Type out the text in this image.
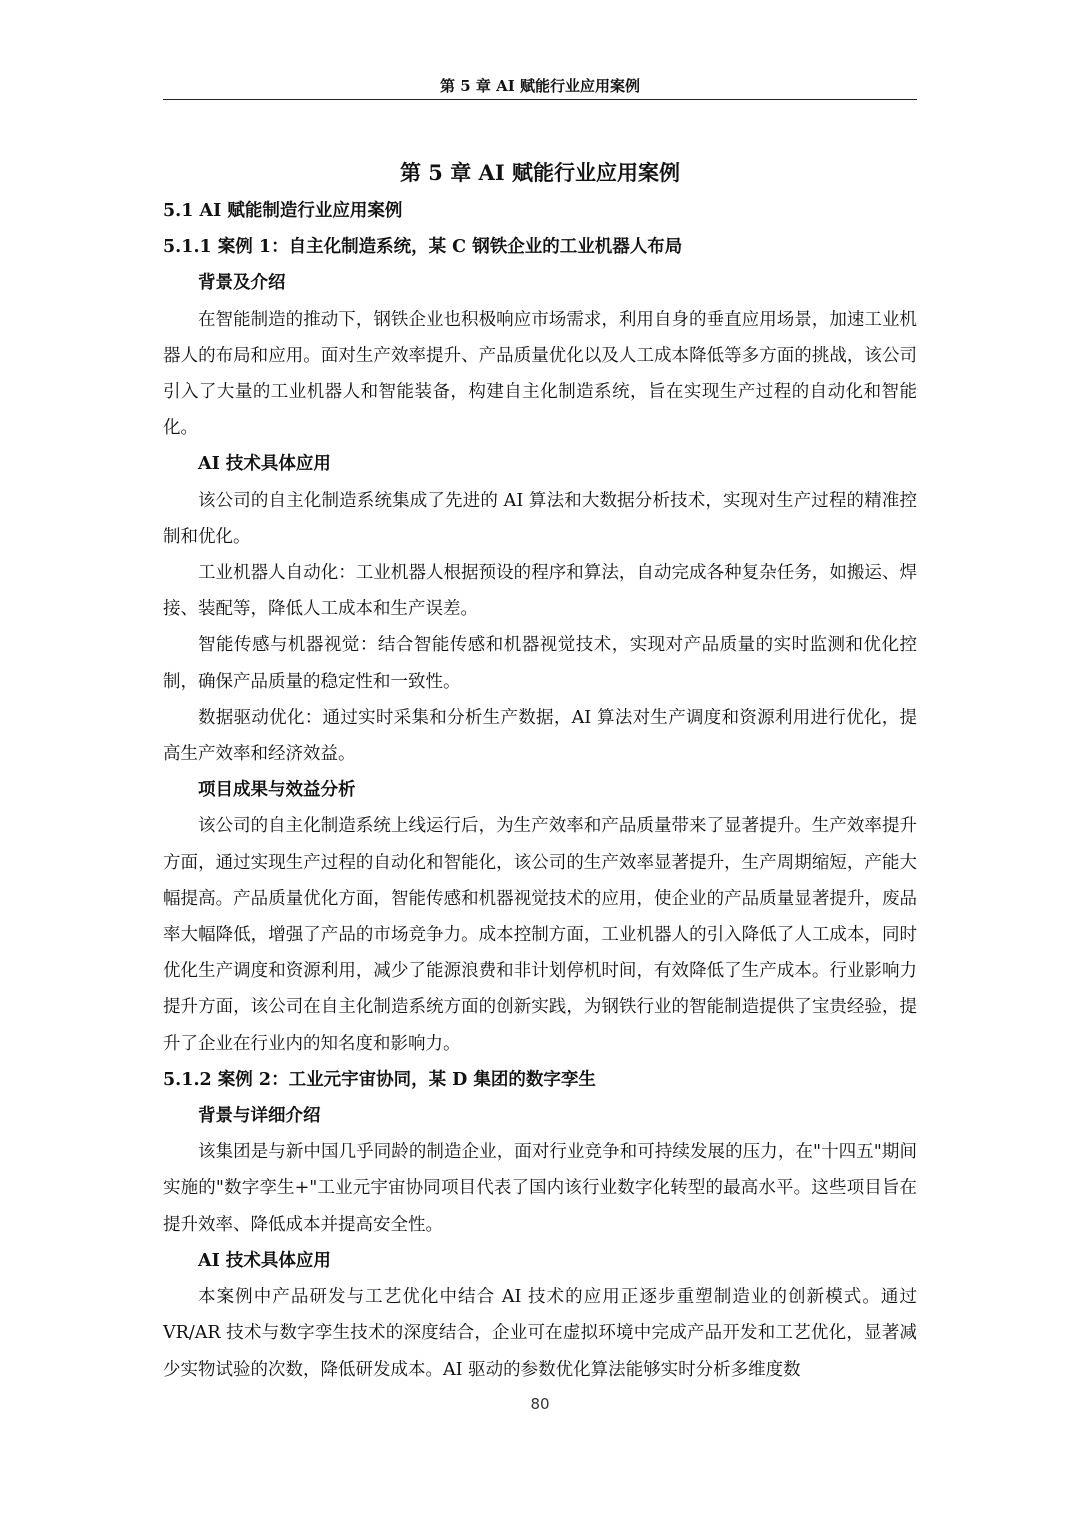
第 5 章 AI 赋能行业应用案例
第 5 章 AI 赋能行业应用案例

5.1 AI 赋能制造行业应用案例

5.1.1 案例 1：自主化制造系统，某 C 钢铁企业的工业机器人布局

背景及介绍

在智能制造的推动下，钢铁企业也积极响应市场需求，利用自身的垂直应用场景，加速工业机器人的布局和应用。面对生产效率提升、产品质量优化以及人工成本降低等多方面的挑战，该公司引入了大量的工业机器人和智能装备，构建自主化制造系统，旨在实现生产过程的自动化和智能化。

AI 技术具体应用

该公司的自主化制造系统集成了先进的 AI 算法和大数据分析技术，实现对生产过程的精准控制和优化。

工业机器人自动化：工业机器人根据预设的程序和算法，自动完成各种复杂任务，如搬运、焊接、装配等，降低人工成本和生产误差。

智能传感与机器视觉：结合智能传感和机器视觉技术，实现对产品质量的实时监测和优化控制，确保产品质量的稳定性和一致性。

数据驱动优化：通过实时采集和分析生产数据，AI 算法对生产调度和资源利用进行优化，提高生产效率和经济效益。

项目成果与效益分析

该公司的自主化制造系统上线运行后，为生产效率和产品质量带来了显著提升。生产效率提升方面，通过实现生产过程的自动化和智能化，该公司的生产效率显著提升，生产周期缩短，产能大幅提高。产品质量优化方面，智能传感和机器视觉技术的应用，使企业的产品质量显著提升，废品率大幅降低，增强了产品的市场竞争力。成本控制方面，工业机器人的引入降低了人工成本，同时优化生产调度和资源利用，减少了能源浪费和非计划停机时间，有效降低了生产成本。行业影响力提升方面，该公司在自主化制造系统方面的创新实践，为钢铁行业的智能制造提供了宝贵经验，提升了企业在行业内的知名度和影响力。

5.1.2 案例 2：工业元宇宙协同，某 D 集团的数字孪生

背景与详细介绍

该集团是与新中国几乎同龄的制造企业，面对行业竞争和可持续发展的压力，在"十四五"期间实施的"数字孪生+"工业元宇宙协同项目代表了国内该行业数字化转型的最高水平。这些项目旨在提升效率、降低成本并提高安全性。

AI 技术具体应用

本案例中产品研发与工艺优化中结合 AI 技术的应用正逐步重塑制造业的创新模式。通过 VR/AR 技术与数字孪生技术的深度结合，企业可在虚拟环境中完成产品开发和工艺优化，显著减少实物试验的次数，降低研发成本。AI 驱动的参数优化算法能够实时分析多维度数

80
